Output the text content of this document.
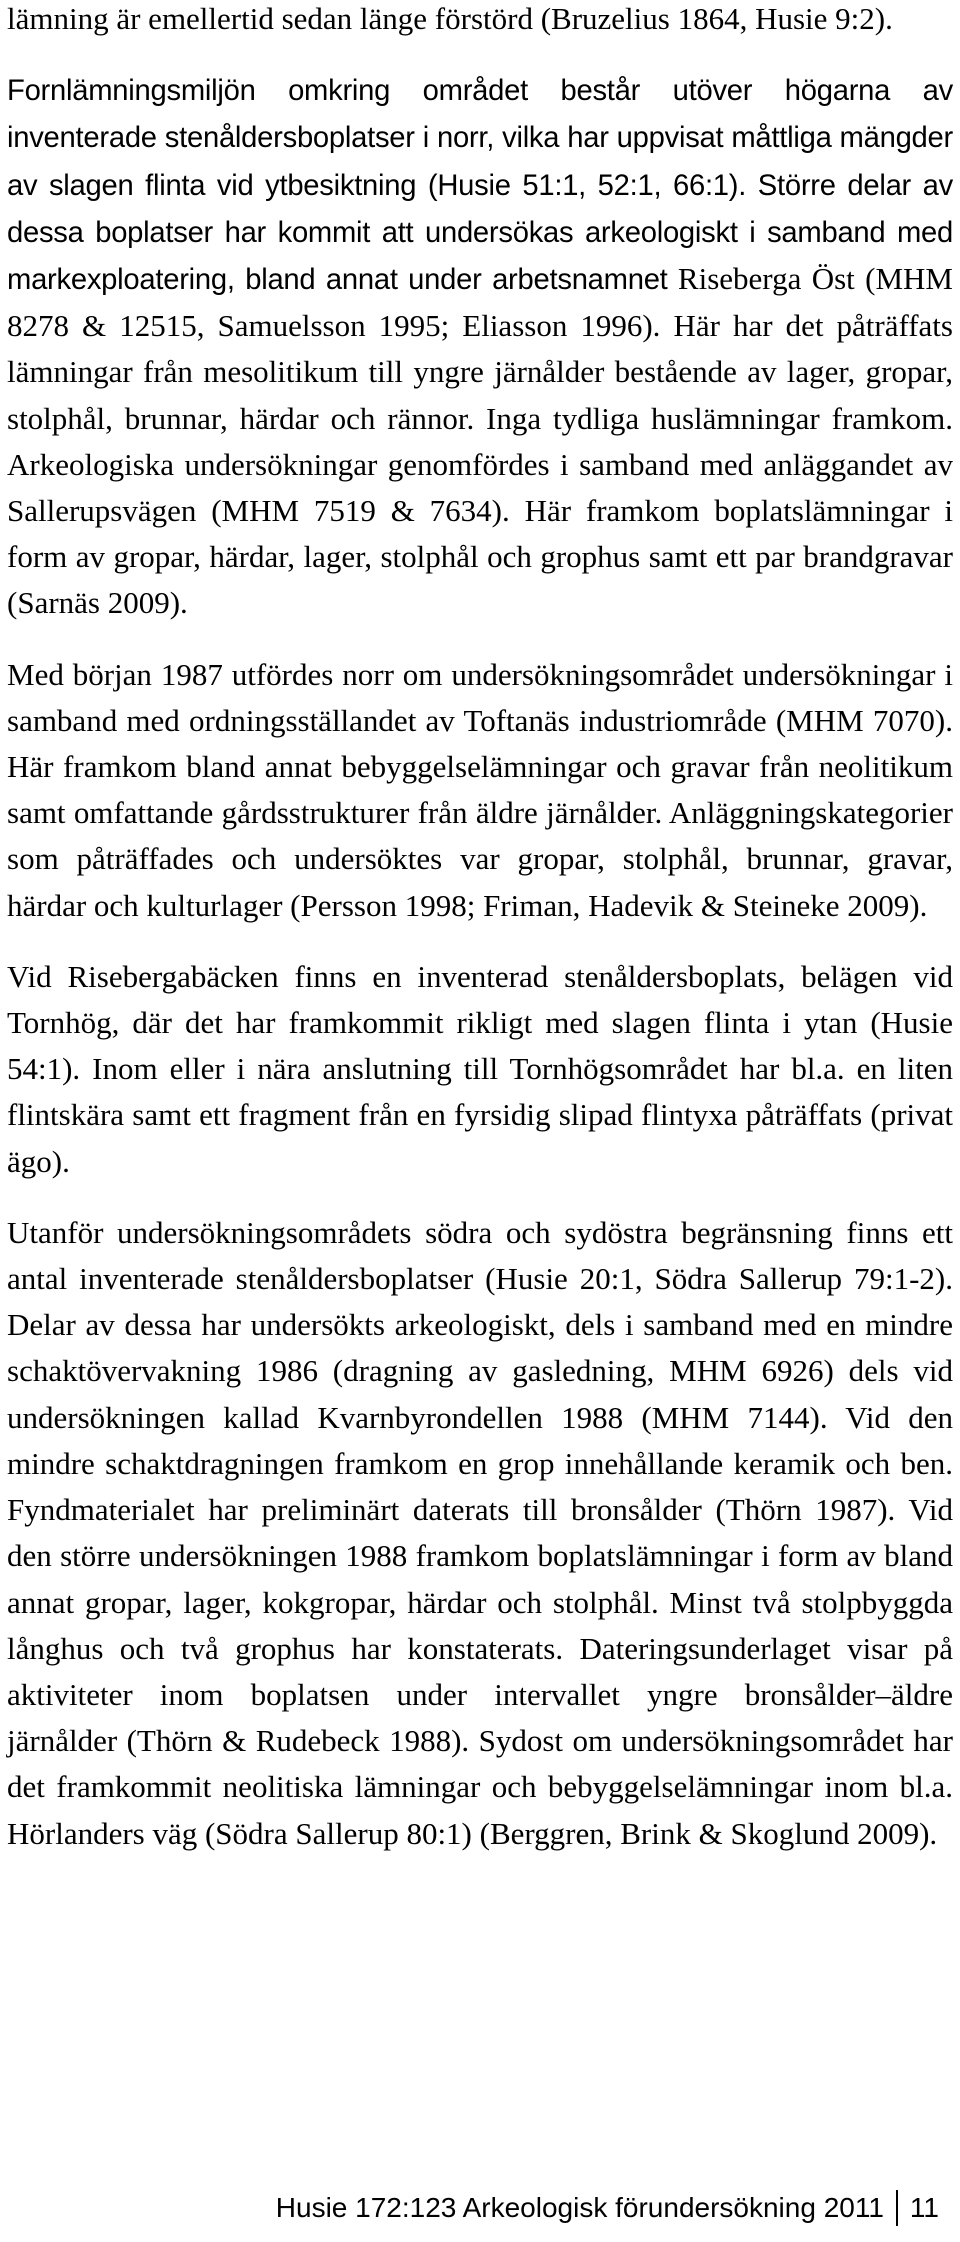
lämning är emellertid sedan länge förstörd (Bruzelius 1864, Husie 9:2).

Fornlämningsmiljön omkring området består utöver högarna av inventerade stenåldersboplatser i norr, vilka har uppvisat måttliga mängder av slagen flinta vid ytbesiktning (Husie 51:1, 52:1, 66:1). Större delar av dessa boplatser har kommit att undersökas arkeologiskt i samband med markexploatering, bland annat under arbetsnamnet Riseberga Öst (MHM 8278 & 12515, Samuelsson 1995; Eliasson 1996). Här har det påträffats lämningar från mesolitikum till yngre järnålder bestående av lager, gropar, stolphål, brunnar, härdar och rännor. Inga tydliga huslämningar framkom. Arkeologiska undersökningar genomfördes i samband med anläggandet av Sallerupsvägen (MHM 7519 & 7634). Här framkom boplatslämningar i form av gropar, härdar, lager, stolphål och grophus samt ett par brandgravar (Sarnäs 2009).

Med början 1987 utfördes norr om undersökningsområdet undersökningar i samband med ordningsställandet av Toftanäs industriområde (MHM 7070). Här framkom bland annat bebyggelselämningar och gravar från neolitikum samt omfattande gårdsstrukturer från äldre järnålder. Anläggningskategorier som påträffades och undersöktes var gropar, stolphål, brunnar, gravar, härdar och kulturlager (Persson 1998; Friman, Hadevik & Steineke 2009).

Vid Risebergabäcken finns en inventerad stenåldersboplats, belägen vid Tornhög, där det har framkommit rikligt med slagen flinta i ytan (Husie 54:1). Inom eller i nära anslutning till Tornhögsområdet har bl.a. en liten flintskära samt ett fragment från en fyrsidig slipad flintyxa påträffats (privat ägo).

Utanför undersökningsområdets södra och sydöstra begränsning finns ett antal inventerade stenåldersboplatser (Husie 20:1, Södra Sallerup 79:1-2). Delar av dessa har undersökts arkeologiskt, dels i samband med en mindre schaktövervakning 1986 (dragning av gasledning, MHM 6926) dels vid undersökningen kallad Kvarnbyrondellen 1988 (MHM 7144). Vid den mindre schaktdragningen framkom en grop innehållande keramik och ben. Fyndmaterialet har preliminärt daterats till bronsålder (Thörn 1987). Vid den större undersökningen 1988 framkom boplatslämningar i form av bland annat gropar, lager, kokgropar, härdar och stolphål. Minst två stolpbyggda långhus och två grophus har konstaterats. Dateringsunderlaget visar på aktiviteter inom boplatsen under intervallet yngre bronsålder–äldre järnålder (Thörn & Rudebeck 1988). Sydost om undersökningsområdet har det framkommit neolitiska lämningar och bebyggelselämningar inom bl.a. Hörlanders väg (Södra Sallerup 80:1) (Berggren, Brink & Skoglund 2009).

Husie 172:123 Arkeologisk förundersökning 2011 11
